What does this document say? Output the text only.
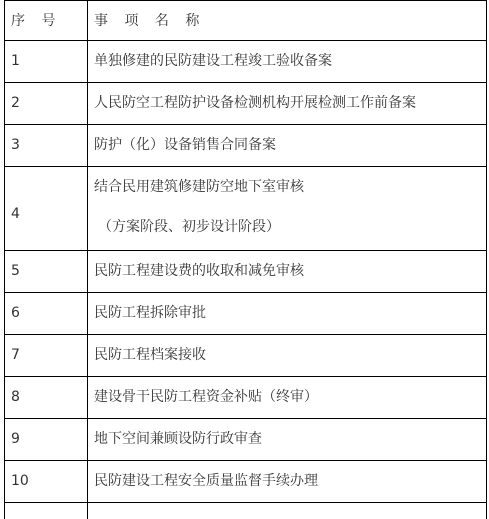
序 号	事 项 名 称
1	单独修建的民防建设工程竣工验收备案
2	人民防空工程防护设备检测机构开展检测工作前备案
3	防护（化）设备销售合同备案
4	结合民用建筑修建防空地下室审核
（方案阶段、初步设计阶段）

5	民防工程建设费的收取和减免审核
6	民防工程拆除审批
7	民防工程档案接收
8	建设骨干民防工程资金补贴（终审）
9	地下空间兼顾设防行政审查
10	民防建设工程安全质量监督手续办理
